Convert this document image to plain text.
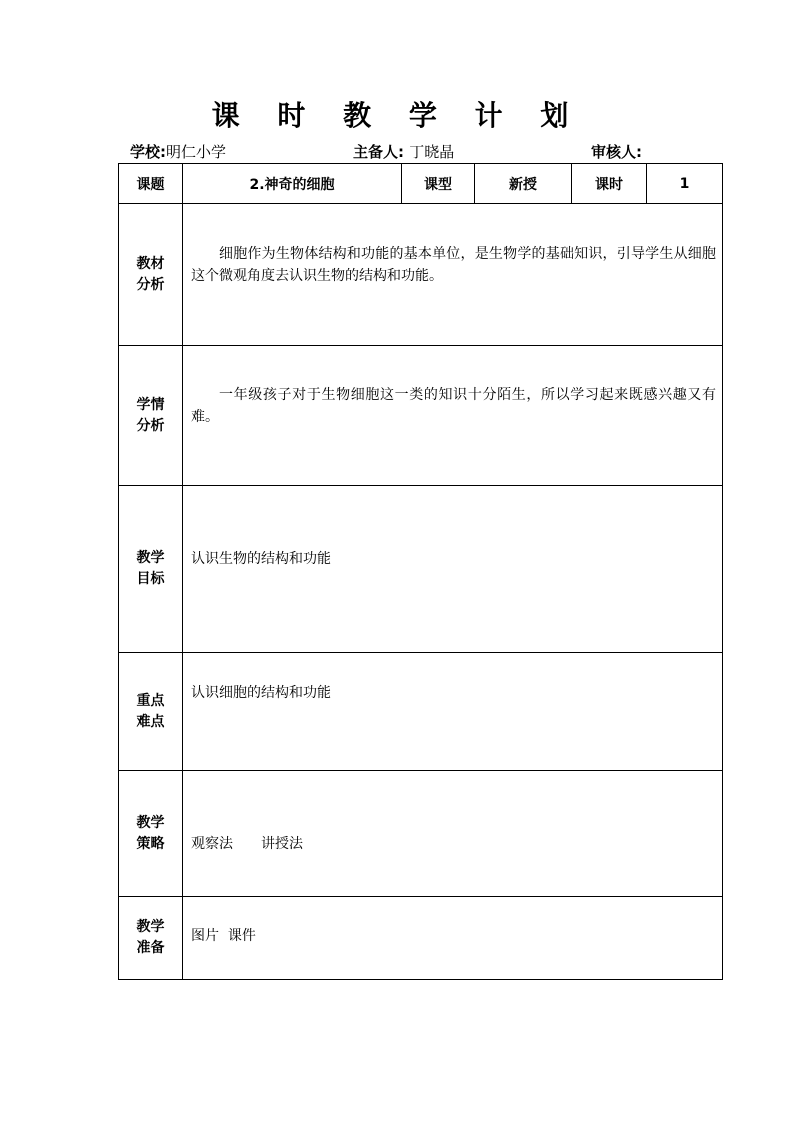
课 时 教 学 计 划
学校:明仁小学	主备人: 丁晓晶	审核人:
课题	2.神奇的细胞	课型	新授	课时	1

教材
分析	细胞作为生物体结构和功能的基本单位，是生物学的基础知识，引导学生从细胞这个微观角度去认识生物的结构和功能。				

学情
分析	一年级孩子对于生物细胞这一类的知识十分陌生，所以学习起来既感兴趣又有难。				

教学
目标	认识生物的结构和功能				

重点
难点	认识细胞的结构和功能				

教学
策略	观察法　　讲授法				

教学
准备	图片  课件				
